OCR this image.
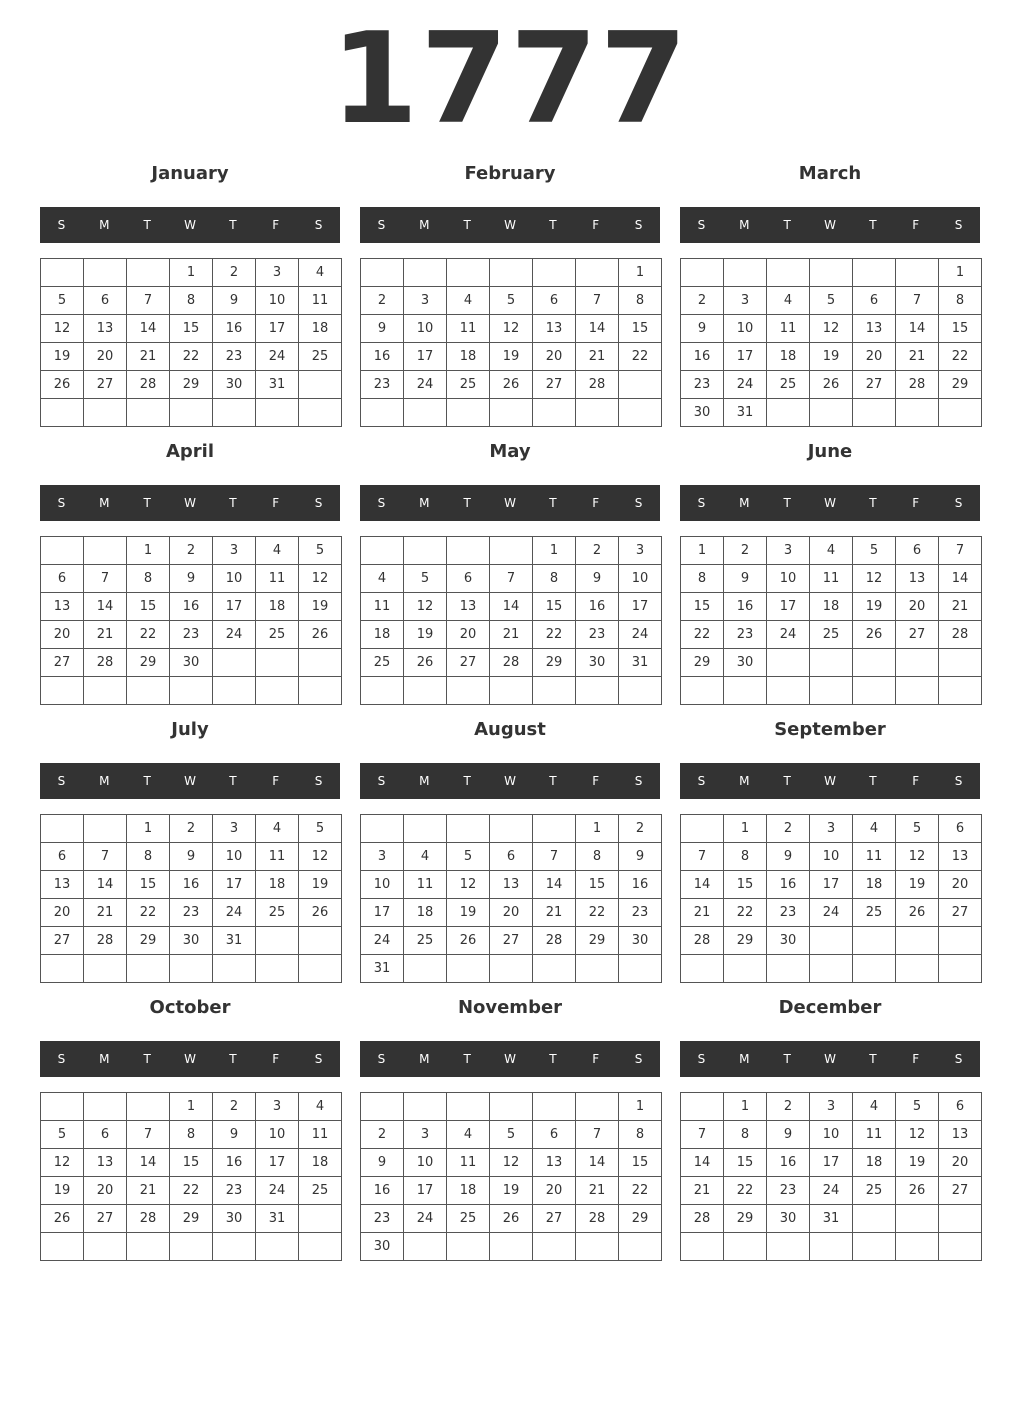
1777
January
S	M	T	W	T	F	S
			1	2	3	4
5	6	7	8	9	10	11
12	13	14	15	16	17	18
19	20	21	22	23	24	25
26	27	28	29	30	31	

February
S	M	T	W	T	F	S
						1
2	3	4	5	6	7	8
9	10	11	12	13	14	15
16	17	18	19	20	21	22
23	24	25	26	27	28	

March
S	M	T	W	T	F	S
						1
2	3	4	5	6	7	8
9	10	11	12	13	14	15
16	17	18	19	20	21	22
23	24	25	26	27	28	29
30	31					
April
S	M	T	W	T	F	S
		1	2	3	4	5
6	7	8	9	10	11	12
13	14	15	16	17	18	19
20	21	22	23	24	25	26
27	28	29	30			

May
S	M	T	W	T	F	S
				1	2	3
4	5	6	7	8	9	10
11	12	13	14	15	16	17
18	19	20	21	22	23	24
25	26	27	28	29	30	31

June
S	M	T	W	T	F	S
1	2	3	4	5	6	7
8	9	10	11	12	13	14
15	16	17	18	19	20	21
22	23	24	25	26	27	28
29	30					

July
S	M	T	W	T	F	S
		1	2	3	4	5
6	7	8	9	10	11	12
13	14	15	16	17	18	19
20	21	22	23	24	25	26
27	28	29	30	31		

August
S	M	T	W	T	F	S
					1	2
3	4	5	6	7	8	9
10	11	12	13	14	15	16
17	18	19	20	21	22	23
24	25	26	27	28	29	30
31						
September
S	M	T	W	T	F	S
	1	2	3	4	5	6
7	8	9	10	11	12	13
14	15	16	17	18	19	20
21	22	23	24	25	26	27
28	29	30				

October
S	M	T	W	T	F	S
			1	2	3	4
5	6	7	8	9	10	11
12	13	14	15	16	17	18
19	20	21	22	23	24	25
26	27	28	29	30	31	

November
S	M	T	W	T	F	S
						1
2	3	4	5	6	7	8
9	10	11	12	13	14	15
16	17	18	19	20	21	22
23	24	25	26	27	28	29
30						
December
S	M	T	W	T	F	S
	1	2	3	4	5	6
7	8	9	10	11	12	13
14	15	16	17	18	19	20
21	22	23	24	25	26	27
28	29	30	31			
